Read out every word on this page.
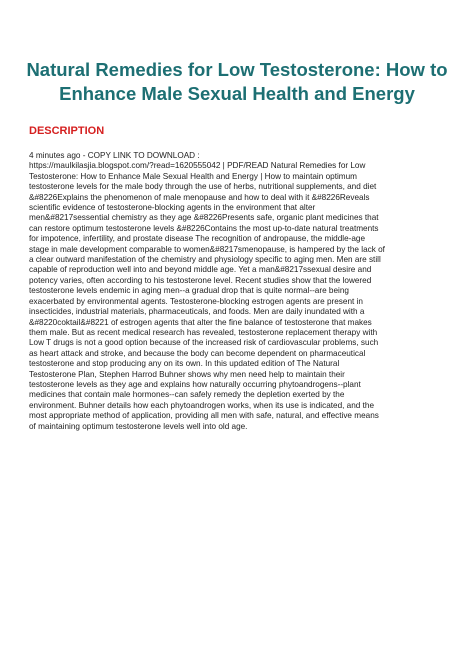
Natural Remedies for Low Testosterone: How to Enhance Male Sexual Health and Energy
DESCRIPTION

4 minutes ago - COPY LINK TO DOWNLOAD :
https://maulkilasjia.blogspot.com/?read=1620555042 | PDF/READ Natural Remedies for Low
Testosterone: How to Enhance Male Sexual Health and Energy | How to maintain optimum
testosterone levels for the male body through the use of herbs, nutritional supplements, and diet
&#8226Explains the phenomenon of male menopause and how to deal with it &#8226Reveals
scientific evidence of testosterone-blocking agents in the environment that alter
men&#8217sessential chemistry as they age &#8226Presents safe, organic plant medicines that
can restore optimum testosterone levels &#8226Contains the most up-to-date natural treatments
for impotence, infertility, and prostate disease The recognition of andropause, the middle-age
stage in male development comparable to women&#8217smenopause, is hampered by the lack of
a clear outward manifestation of the chemistry and physiology specific to aging men. Men are still
capable of reproduction well into and beyond middle age. Yet a man&#8217ssexual desire and
potency varies, often according to his testosterone level. Recent studies show that the lowered
testosterone levels endemic in aging men--a gradual drop that is quite normal--are being
exacerbated by environmental agents. Testosterone-blocking estrogen agents are present in
insecticides, industrial materials, pharmaceuticals, and foods. Men are daily inundated with a
&#8220coktail&#8221 of estrogen agents that alter the fine balance of testosterone that makes
them male. But as recent medical research has revealed, testosterone replacement therapy with
Low T drugs is not a good option because of the increased risk of cardiovascular problems, such
as heart attack and stroke, and because the body can become dependent on pharmaceutical
testosterone and stop producing any on its own. In this updated edition of The Natural
Testosterone Plan, Stephen Harrod Buhner shows why men need help to maintain their
testosterone levels as they age and explains how naturally occurring phytoandrogens--plant
medicines that contain male hormones--can safely remedy the depletion exerted by the
environment. Buhner details how each phytoandrogen works, when its use is indicated, and the
most appropriate method of application, providing all men with safe, natural, and effective means
of maintaining optimum testosterone levels well into old age.
